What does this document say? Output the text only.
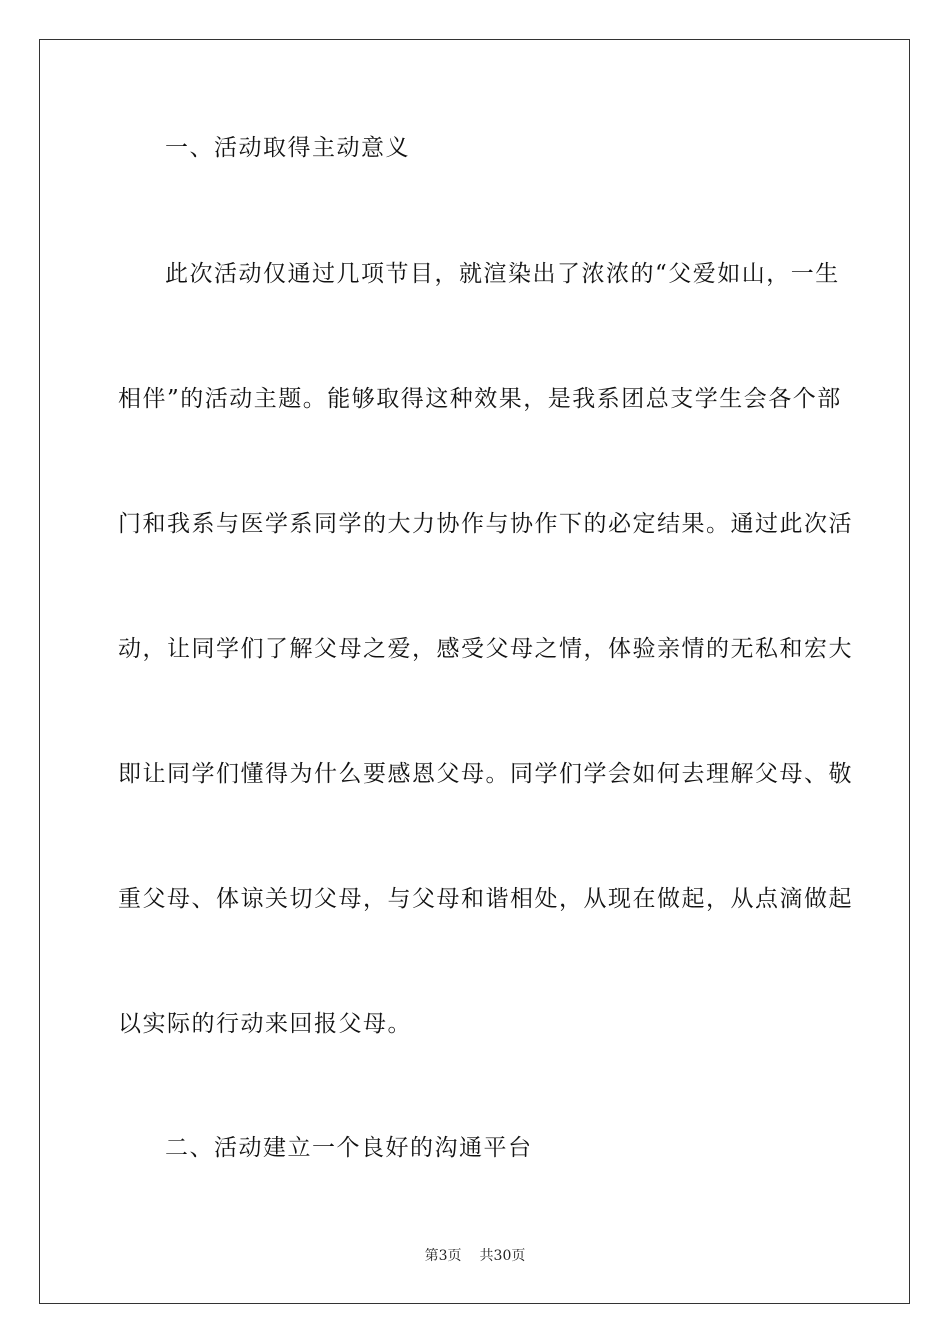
一、活动取得主动意义
此次活动仅通过几项节目，就渲染出了浓浓的“父爱如山，一生
相伴”的活动主题。能够取得这种效果，是我系团总支学生会各个部
门和我系与医学系同学的大力协作与协作下的必定结果。通过此次活
动，让同学们了解父母之爱，感受父母之情，体验亲情的无私和宏大
即让同学们懂得为什么要感恩父母。同学们学会如何去理解父母、敬
重父母、体谅关切父母，与父母和谐相处，从现在做起，从点滴做起
以实际的行动来回报父母。
二、活动建立一个良好的沟通平台
第3页 共30页
